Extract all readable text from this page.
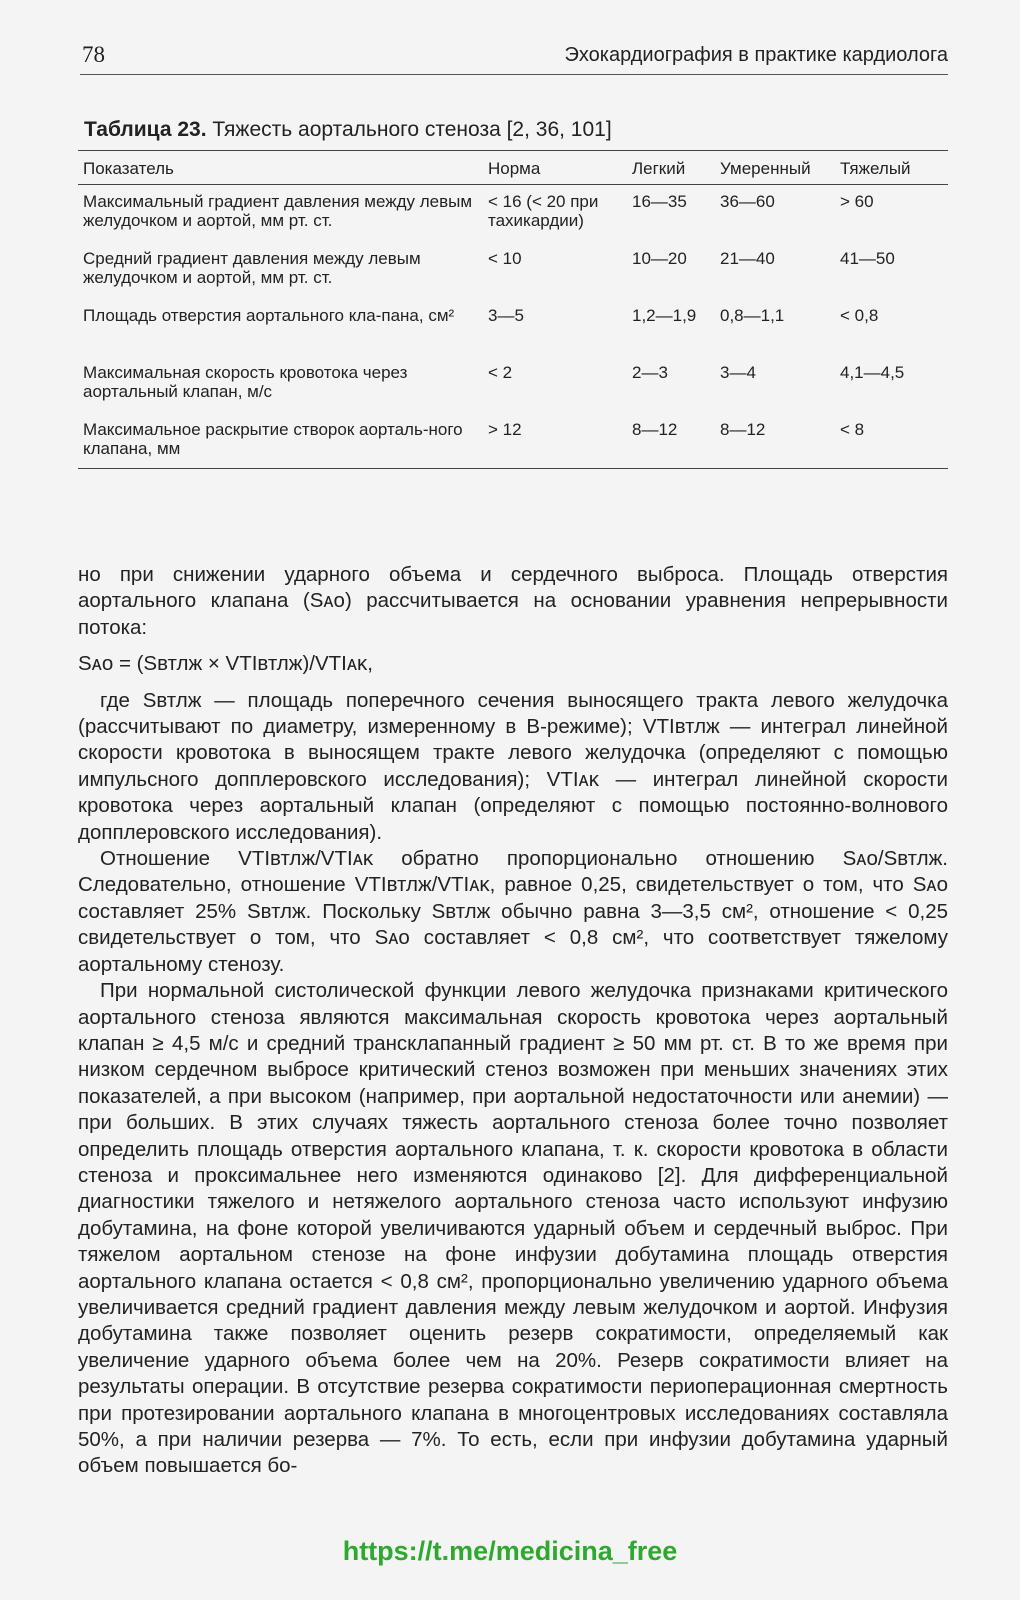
78	Эхокардиография в практике кардиолога
Таблица 23. Тяжесть аортального стеноза [2, 36, 101]
Показатель	Норма	Легкий	Умеренный	Тяжелый
Максимальный градиент давления между левым желудочком и аортой, мм рт. ст.	< 16 (< 20 при тахикардии)	16—35	36—60	> 60
Средний градиент давления между левым желудочком и аортой, мм рт. ст.	< 10	10—20	21—40	41—50
Площадь отверстия аортального кла-пана, см²	3—5	1,2—1,9	0,8—1,1	< 0,8
Максимальная скорость кровотока через аортальный клапан, м/с	< 2	2—3	3—4	4,1—4,5
Максимальное раскрытие створок аорталь-ного клапана, мм	> 12	8—12	8—12	< 8

но при снижении ударного объема и сердечного выброса. Площадь отверстия аортального клапана (Sᴀᴏ) рассчитывается на основании уравнения непрерывности потока:

Sᴀᴏ = (Sвтлж × VTIвтлж)/VTIᴀᴋ,

где Sвтлж — площадь поперечного сечения выносящего тракта левого желудочка (рассчитывают по диаметру, измеренному в В-режиме); VTIвтлж — интеграл линейной скорости кровотока в выносящем тракте левого желудочка (определяют с помощью импульсного допплеровского исследования); VTIᴀᴋ — интеграл линейной скорости кровотока через аортальный клапан (определяют с помощью постоянно-волнового допплеровского исследования).

Отношение VTIвтлж/VTIᴀᴋ обратно пропорционально отношению Sᴀᴏ/Sвтлж. Следовательно, отношение VTIвтлж/VTIᴀᴋ, равное 0,25, свидетельствует о том, что Sᴀᴏ составляет 25% Sвтлж. Поскольку Sвтлж обычно равна 3—3,5 см², отношение < 0,25 свидетельствует о том, что Sᴀᴏ составляет < 0,8 см², что соответствует тяжелому аортальному стенозу.

При нормальной систолической функции левого желудочка признаками критического аортального стеноза являются максимальная скорость кровотока через аортальный клапан ≥ 4,5 м/с и средний трансклапанный градиент ≥ 50 мм рт. ст. В то же время при низком сердечном выбросе критический стеноз возможен при меньших значениях этих показателей, а при высоком (например, при аортальной недостаточности или анемии) — при больших. В этих случаях тяжесть аортального стеноза более точно позволяет определить площадь отверстия аортального клапана, т. к. скорости кровотока в области стеноза и проксимальнее него изменяются одинаково [2]. Для дифференциальной диагностики тяжелого и нетяжелого аортального стеноза часто используют инфузию добутамина, на фоне которой увеличиваются ударный объем и сердечный выброс. При тяжелом аортальном стенозе на фоне инфузии добутамина площадь отверстия аортального клапана остается < 0,8 см², пропорционально увеличению ударного объема увеличивается средний градиент давления между левым желудочком и аортой. Инфузия добутамина также позволяет оценить резерв сократимости, определяемый как увеличение ударного объема более чем на 20%. Резерв сократимости влияет на результаты операции. В отсутствие резерва сократимости периоперационная смертность при протезировании аортального клапана в многоцентровых исследованиях составляла 50%, а при наличии резерва — 7%. То есть, если при инфузии добутамина ударный объем повышается бо-

https://t.me/medicina_free
